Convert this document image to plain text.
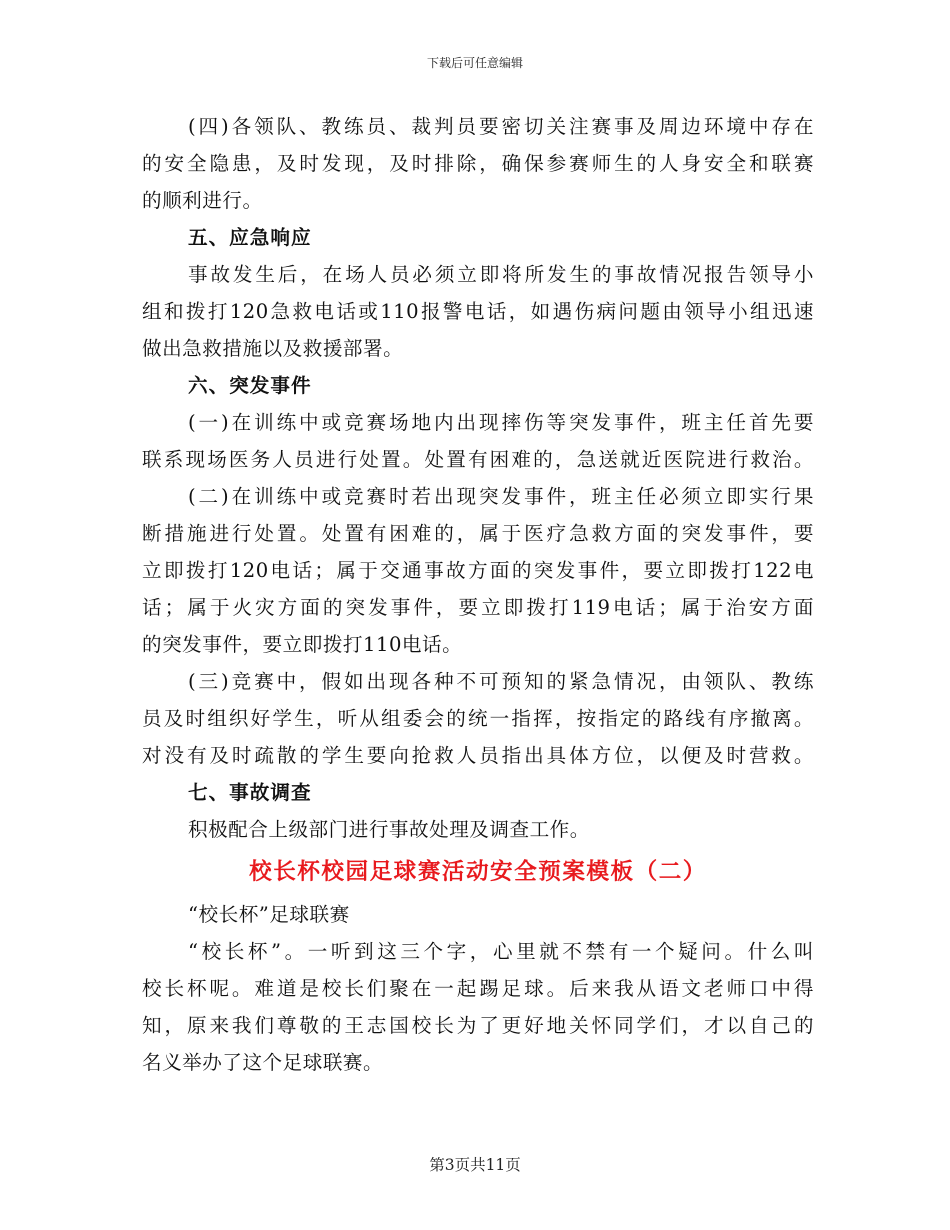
下载后可任意编辑
(四)各领队、教练员、裁判员要密切关注赛事及周边环境中存在
的安全隐患，及时发现，及时排除，确保参赛师生的人身安全和联赛
的顺利进行。
五、应急响应
事故发生后，在场人员必须立即将所发生的事故情况报告领导小
组和拨打120急救电话或110报警电话，如遇伤病问题由领导小组迅速
做出急救措施以及救援部署。
六、突发事件
(一)在训练中或竞赛场地内出现摔伤等突发事件，班主任首先要
联系现场医务人员进行处置。处置有困难的，急送就近医院进行救治。
(二)在训练中或竞赛时若出现突发事件，班主任必须立即实行果
断措施进行处置。处置有困难的，属于医疗急救方面的突发事件，要
立即拨打120电话；属于交通事故方面的突发事件，要立即拨打122电
话；属于火灾方面的突发事件，要立即拨打119电话；属于治安方面
的突发事件，要立即拨打110电话。
(三)竞赛中，假如出现各种不可预知的紧急情况，由领队、教练
员及时组织好学生，听从组委会的统一指挥，按指定的路线有序撤离。
对没有及时疏散的学生要向抢救人员指出具体方位，以便及时营救。
七、事故调查
积极配合上级部门进行事故处理及调查工作。
校长杯校园足球赛活动安全预案模板（二）
“校长杯”足球联赛
“校长杯”。一听到这三个字，心里就不禁有一个疑问。什么叫
校长杯呢。难道是校长们聚在一起踢足球。后来我从语文老师口中得
知，原来我们尊敬的王志国校长为了更好地关怀同学们，才以自己的
名义举办了这个足球联赛。
第3页共11页
